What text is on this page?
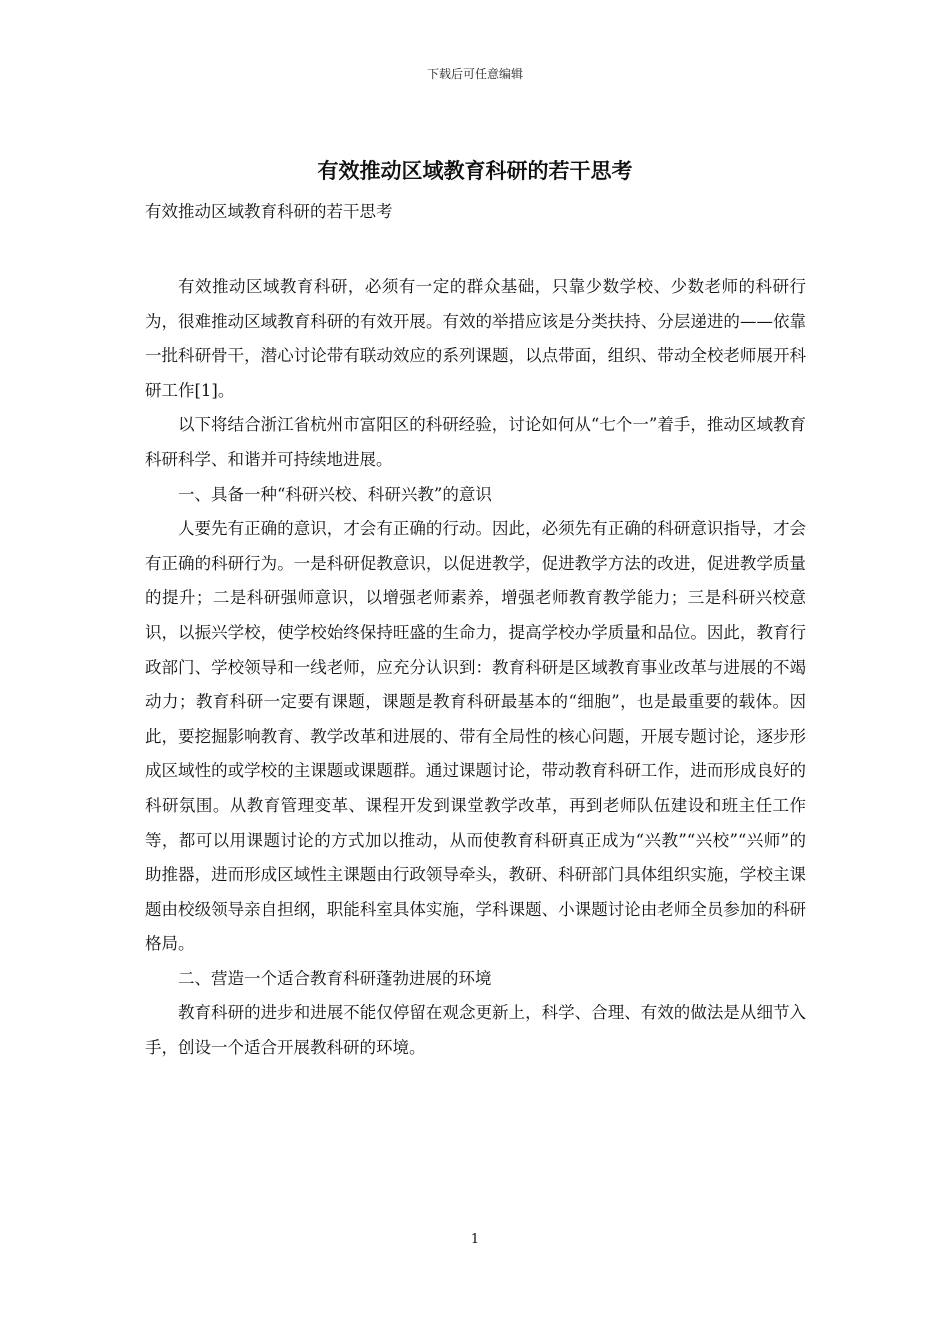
下载后可任意编辑
有效推动区域教育科研的若干思考
有效推动区域教育科研的若干思考

有效推动区域教育科研，必须有一定的群众基础，只靠少数学校、少数老师的科研行为，很难推动区域教育科研的有效开展。有效的举措应该是分类扶持、分层递进的——依靠一批科研骨干，潜心讨论带有联动效应的系列课题，以点带面，组织、带动全校老师展开科研工作[1]。

以下将结合浙江省杭州市富阳区的科研经验，讨论如何从“七个一”着手，推动区域教育科研科学、和谐并可持续地进展。

一、具备一种“科研兴校、科研兴教”的意识

人要先有正确的意识，才会有正确的行动。因此，必须先有正确的科研意识指导，才会有正确的科研行为。一是科研促教意识，以促进教学，促进教学方法的改进，促进教学质量的提升；二是科研强师意识，以增强老师素养，增强老师教育教学能力；三是科研兴校意识，以振兴学校，使学校始终保持旺盛的生命力，提高学校办学质量和品位。因此，教育行政部门、学校领导和一线老师，应充分认识到：教育科研是区域教育事业改革与进展的不竭动力；教育科研一定要有课题，课题是教育科研最基本的“细胞”，也是最重要的载体。因此，要挖掘影响教育、教学改革和进展的、带有全局性的核心问题，开展专题讨论，逐步形成区域性的或学校的主课题或课题群。通过课题讨论，带动教育科研工作，进而形成良好的科研氛围。从教育管理变革、课程开发到课堂教学改革，再到老师队伍建设和班主任工作等，都可以用课题讨论的方式加以推动，从而使教育科研真正成为“兴教”“兴校”“兴师”的助推器，进而形成区域性主课题由行政领导牵头，教研、科研部门具体组织实施，学校主课题由校级领导亲自担纲，职能科室具体实施，学科课题、小课题讨论由老师全员参加的科研格局。

二、营造一个适合教育科研蓬勃进展的环境

教育科研的进步和进展不能仅停留在观念更新上，科学、合理、有效的做法是从细节入手，创设一个适合开展教科研的环境。

1
